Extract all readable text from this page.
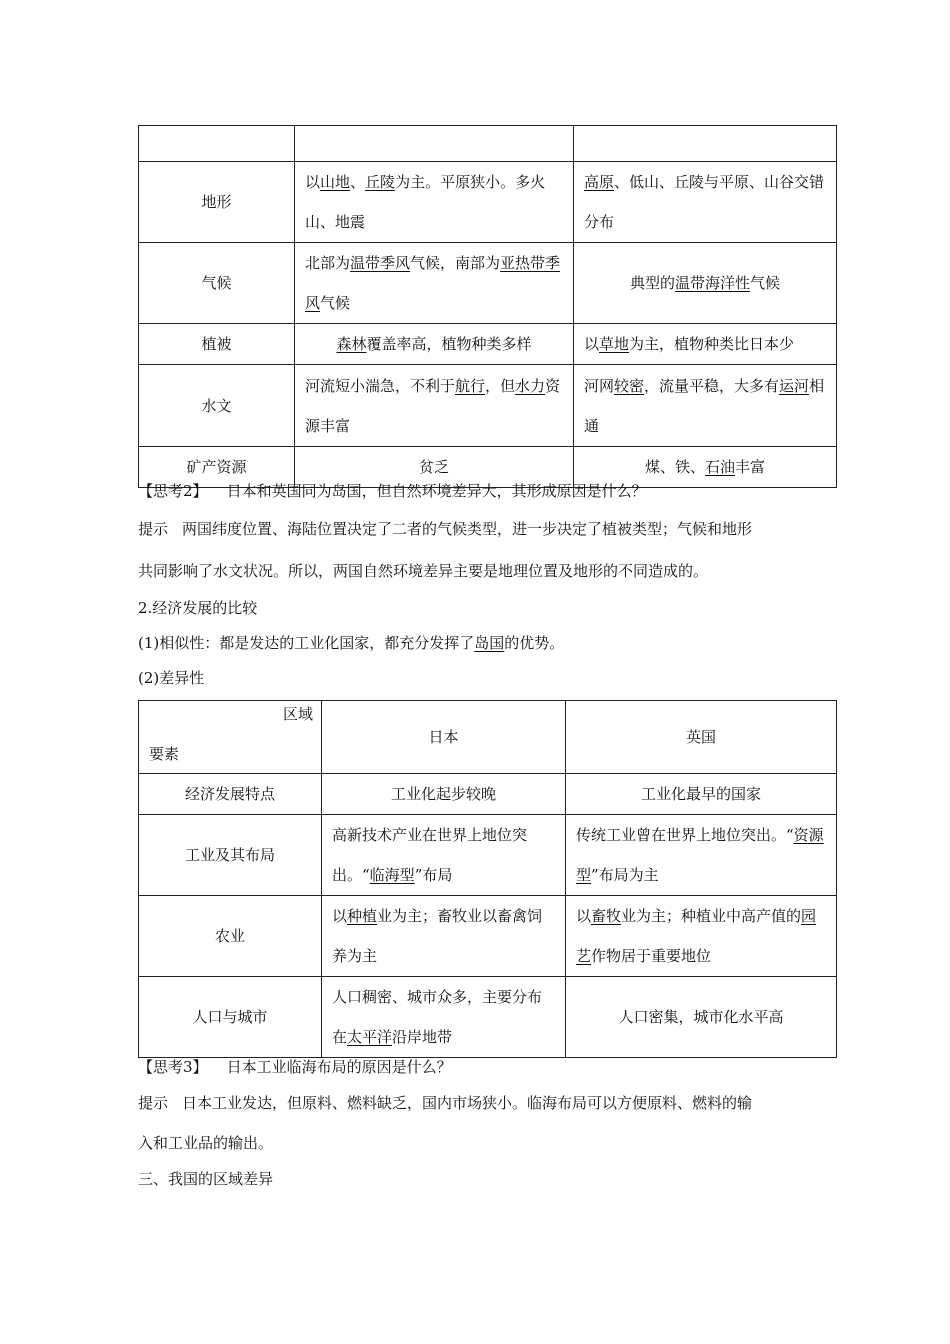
地形	以山地、丘陵为主。平原狭小。多火山、地震	高原、低山、丘陵与平原、山谷交错分布
气候	北部为温带季风气候，南部为亚热带季风气候	典型的温带海洋性气候
植被	森林覆盖率高，植物种类多样	以草地为主，植物种类比日本少
水文	河流短小湍急，不利于航行，但水力资源丰富	河网较密，流量平稳，大多有运河相通
矿产资源	贫乏	煤、铁、石油丰富
【思考2】 日本和英国同为岛国，但自然环境差异大，其形成原因是什么？
提示 两国纬度位置、海陆位置决定了二者的气候类型，进一步决定了植被类型；气候和地形
共同影响了水文状况。所以，两国自然环境差异主要是地理位置及地形的不同造成的。
2.经济发展的比较
(1)相似性：都是发达的工业化国家，都充分发挥了岛国的优势。
(2)差异性
区域
要素	日本	英国
经济发展特点	工业化起步较晚	工业化最早的国家
工业及其布局	高新技术产业在世界上地位突出。“临海型”布局	传统工业曾在世界上地位突出。“资源型”布局为主
农业	以种植业为主；畜牧业以畜禽饲养为主	以畜牧业为主；种植业中高产值的园艺作物居于重要地位
人口与城市	人口稠密、城市众多，主要分布在太平洋沿岸地带	人口密集，城市化水平高
【思考3】 日本工业临海布局的原因是什么？
提示 日本工业发达，但原料、燃料缺乏，国内市场狭小。临海布局可以方便原料、燃料的输
入和工业品的输出。
三、我国的区域差异
